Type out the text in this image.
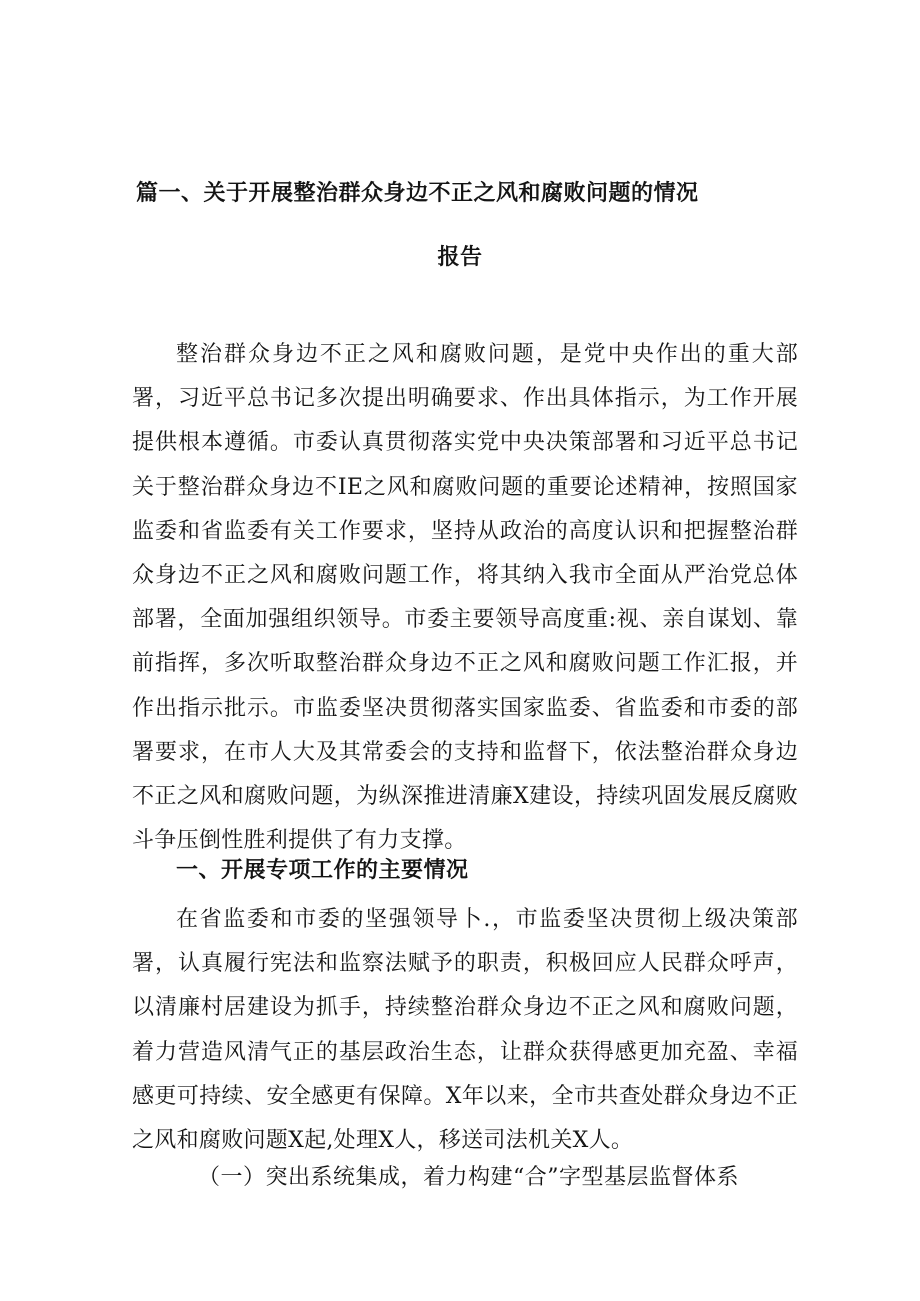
篇一、关于开展整治群众身边不正之风和腐败问题的情况
报告
整治群众身边不正之风和腐败问题，是党中央作出的重大部署，习近平总书记多次提出明确要求、作出具体指示，为工作开展提供根本遵循。市委认真贯彻落实党中央决策部署和习近平总书记关于整治群众身边不IE之风和腐败问题的重要论述精神，按照国家监委和省监委有关工作要求，坚持从政治的高度认识和把握整治群众身边不正之风和腐败问题工作，将其纳入我市全面从严治党总体部署，全面加强组织领导。市委主要领导高度重:视、亲自谋划、靠前指挥，多次听取整治群众身边不正之风和腐败问题工作汇报，并作出指示批示。市监委坚决贯彻落实国家监委、省监委和市委的部署要求，在市人大及其常委会的支持和监督下，依法整治群众身边不正之风和腐败问题，为纵深推进清廉X建设，持续巩固发展反腐败斗争压倒性胜利提供了有力支撑。
一、开展专项工作的主要情况
在省监委和市委的坚强领导卜.，市监委坚决贯彻上级决策部署，认真履行宪法和监察法赋予的职责，积极回应人民群众呼声，以清廉村居建设为抓手，持续整治群众身边不正之风和腐败问题，着力营造风清气正的基层政治生态，让群众获得感更加充盈、幸福感更可持续、安全感更有保障。X年以来，全市共查处群众身边不正之风和腐败问题X起,处理X人，移送司法机关X人。
（一）突出系统集成，着力构建“合”字型基层监督体系
